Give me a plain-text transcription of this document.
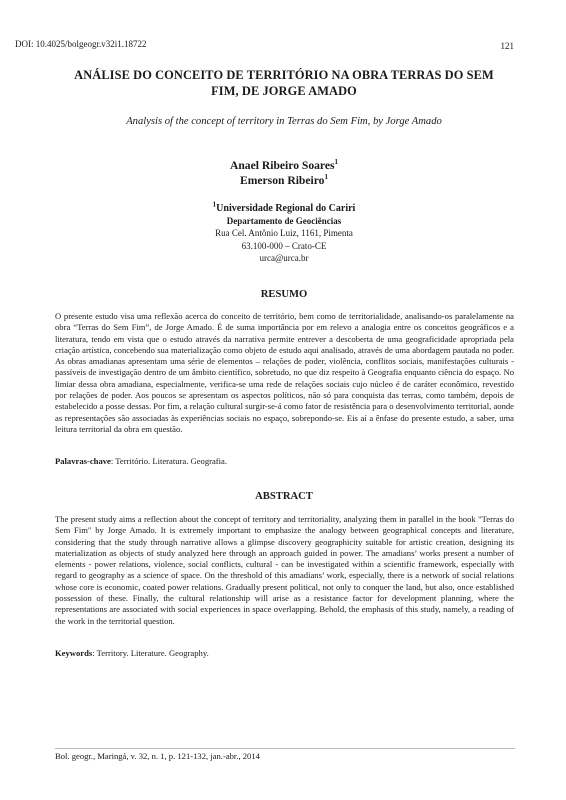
DOI: 10.4025/bolgeogr.v32i1.18722	121
ANÁLISE DO CONCEITO DE TERRITÓRIO NA OBRA TERRAS DO SEM
FIM, DE JORGE AMADO
Analysis of the concept of territory in Terras do Sem Fim, by Jorge Amado
Anael Ribeiro Soares$^1$
Emerson Ribeiro$^1$
$^1$Universidade Regional do Cariri
Departamento de Geociências
Rua Cel. Antônio Luiz, 1161, Pimenta
63.100-000 – Crato-CE
urca@urca.br
RESUMO

O presente estudo visa uma reflexão acerca do conceito de território, bem como de territorialidade, analisando-os paralelamente na obra “Terras do Sem Fim”, de Jorge Amado. É de suma importância por em relevo a analogia entre os conceitos geográficos e a literatura, tendo em vista que o estudo através da narrativa permite entrever a descoberta de uma geograficidade apropriada pela criação artística, concebendo sua materialização como objeto de estudo aqui analisado, através de uma abordagem pautada no poder. As obras amadianas apresentam uma série de elementos – relações de poder, violência, conflitos sociais, manifestações culturais - passíveis de investigação dentro de um âmbito científico, sobretudo, no que diz respeito à Geografia enquanto ciência do espaço. No limiar dessa obra amadiana, especialmente, verifica-se uma rede de relações sociais cujo núcleo é de caráter econômico, revestido por relações de poder. Aos poucos se apresentam os aspectos políticos, não só para conquista das terras, como também, depois de estabelecido a posse dessas. Por fim, a relação cultural surgir-se-á como fator de resistência para o desenvolvimento territorial, aonde as representações são associadas às experiências sociais no espaço, sobrepondo-se. Eis aí a ênfase do presente estudo, a saber, uma leitura territorial da obra em questão.

Palavras-chave: Território. Literatura. Geografia.
ABSTRACT

The present study aims a reflection about the concept of territory and territoriality, analyzing them in parallel in the book "Terras do Sem Fim" by Jorge Amado. It is extremely important to emphasize the analogy between geographical concepts and literature, considering that the study through narrative allows a glimpse discovery geographicity suitable for artistic creation, designing its materialization as objects of study analyzed here through an approach guided in power. The amadians’ works present a number of elements - power relations, violence, social conflicts, cultural - can be investigated within a scientific framework, especially with regard to geography as a science of space. On the threshold of this amadians’ work, especially, there is a network of social relations whose core is economic, coated power relations. Gradually present political, not only to conquer the land, but also, once established possession of these. Finally, the cultural relationship will arise as a resistance factor for development planning, where the representations are associated with social experiences in space overlapping. Behold, the emphasis of this study, namely, a reading of the work in the territorial question.

Keywords: Territory. Literature. Geography.
Bol. geogr., Maringá, v. 32, n. 1, p. 121-132, jan.-abr., 2014
